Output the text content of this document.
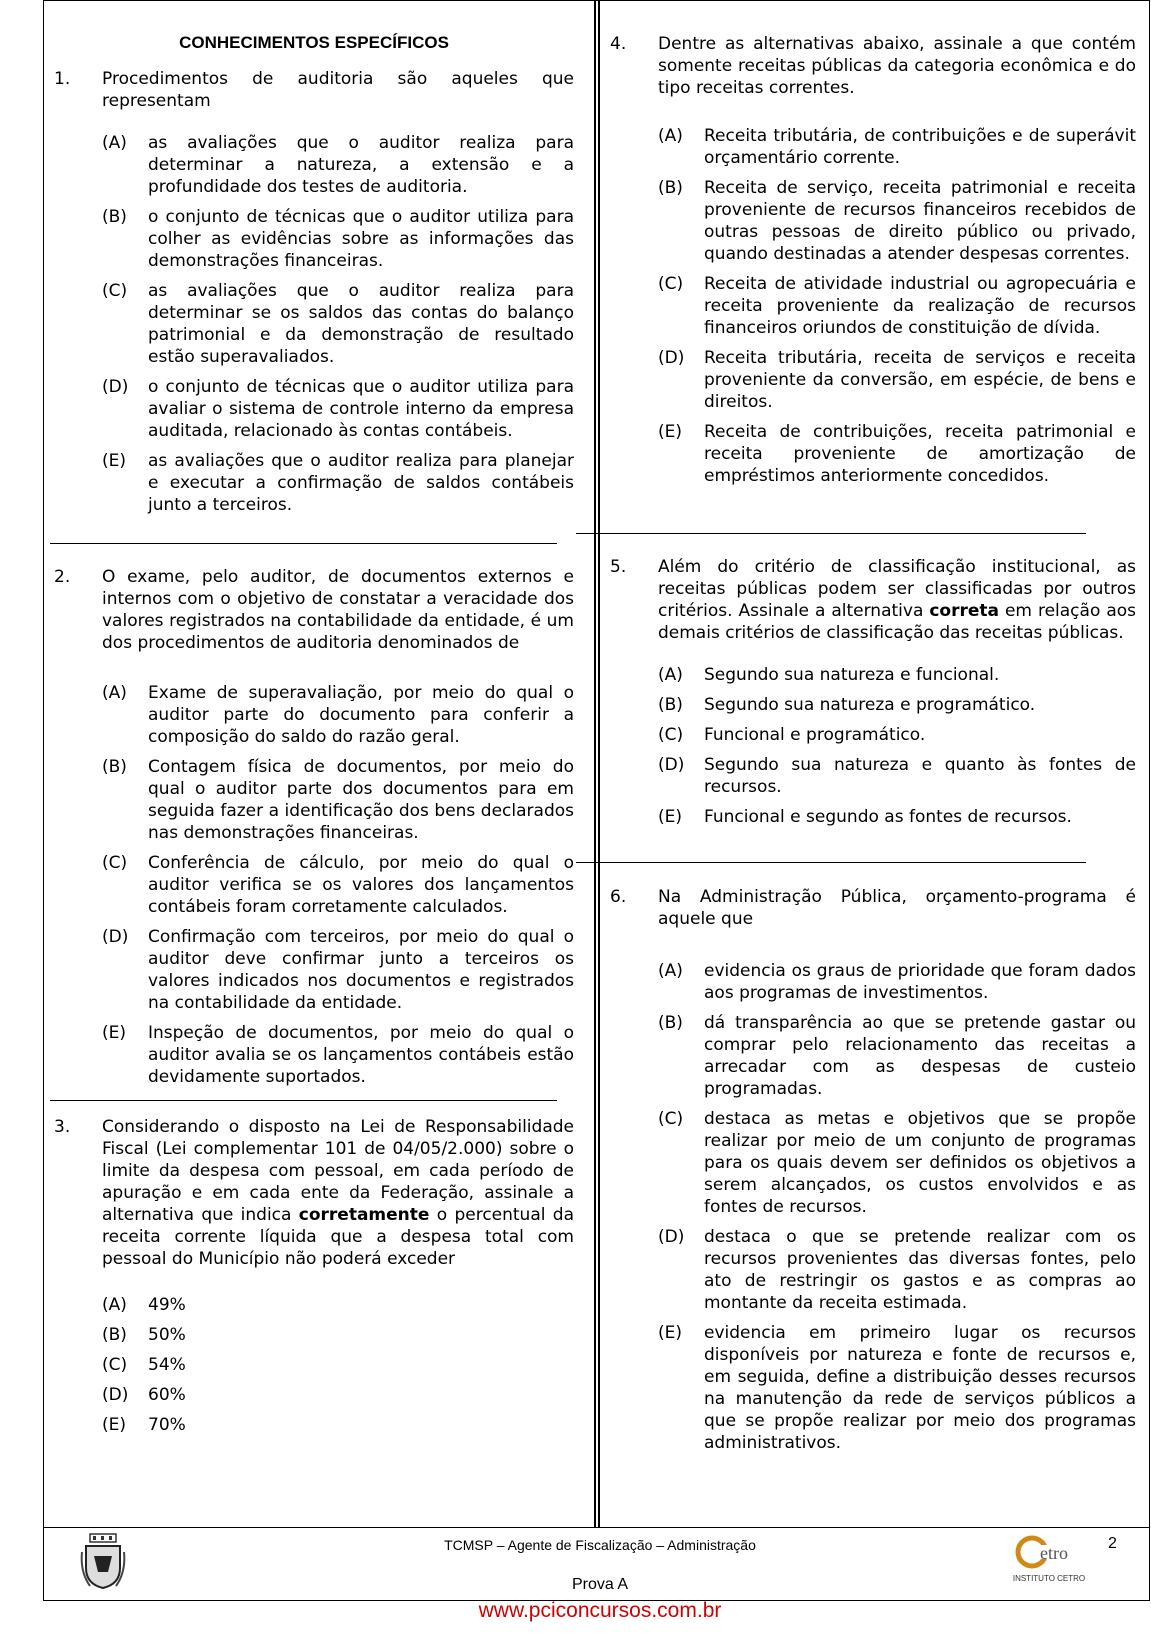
CONHECIMENTOS ESPECÍFICOS
1. Procedimentos de auditoria são aqueles que representam
(A) as avaliações que o auditor realiza para determinar a natureza, a extensão e a profundidade dos testes de auditoria.
(B) o conjunto de técnicas que o auditor utiliza para colher as evidências sobre as informações das demonstrações financeiras.
(C) as avaliações que o auditor realiza para determinar se os saldos das contas do balanço patrimonial e da demonstração de resultado estão superavaliados.
(D) o conjunto de técnicas que o auditor utiliza para avaliar o sistema de controle interno da empresa auditada, relacionado às contas contábeis.
(E) as avaliações que o auditor realiza para planejar e executar a confirmação de saldos contábeis junto a terceiros.
2. O exame, pelo auditor, de documentos externos e internos com o objetivo de constatar a veracidade dos valores registrados na contabilidade da entidade, é um dos procedimentos de auditoria denominados de
(A) Exame de superavaliação, por meio do qual o auditor parte do documento para conferir a composição do saldo do razão geral.
(B) Contagem física de documentos, por meio do qual o auditor parte dos documentos para em seguida fazer a identificação dos bens declarados nas demonstrações financeiras.
(C) Conferência de cálculo, por meio do qual o auditor verifica se os valores dos lançamentos contábeis foram corretamente calculados.
(D) Confirmação com terceiros, por meio do qual o auditor deve confirmar junto a terceiros os valores indicados nos documentos e registrados na contabilidade da entidade.
(E) Inspeção de documentos, por meio do qual o auditor avalia se os lançamentos contábeis estão devidamente suportados.
3. Considerando o disposto na Lei de Responsabilidade Fiscal (Lei complementar 101 de 04/05/2.000) sobre o limite da despesa com pessoal, em cada período de apuração e em cada ente da Federação, assinale a alternativa que indica corretamente o percentual da receita corrente líquida que a despesa total com pessoal do Município não poderá exceder
(A) 49%
(B) 50%
(C) 54%
(D) 60%
(E) 70%
4. Dentre as alternativas abaixo, assinale a que contém somente receitas públicas da categoria econômica e do tipo receitas correntes.
(A) Receita tributária, de contribuições e de superávit orçamentário corrente.
(B) Receita de serviço, receita patrimonial e receita proveniente de recursos financeiros recebidos de outras pessoas de direito público ou privado, quando destinadas a atender despesas correntes.
(C) Receita de atividade industrial ou agropecuária e receita proveniente da realização de recursos financeiros oriundos de constituição de dívida.
(D) Receita tributária, receita de serviços e receita proveniente da conversão, em espécie, de bens e direitos.
(E) Receita de contribuições, receita patrimonial e receita proveniente de amortização de empréstimos anteriormente concedidos.
5. Além do critério de classificação institucional, as receitas públicas podem ser classificadas por outros critérios. Assinale a alternativa correta em relação aos demais critérios de classificação das receitas públicas.
(A) Segundo sua natureza e funcional.
(B) Segundo sua natureza e programático.
(C) Funcional e programático.
(D) Segundo sua natureza e quanto às fontes de recursos.
(E) Funcional e segundo as fontes de recursos.
6. Na Administração Pública, orçamento-programa é aquele que
(A) evidencia os graus de prioridade que foram dados aos programas de investimentos.
(B) dá transparência ao que se pretende gastar ou comprar pelo relacionamento das receitas a arrecadar com as despesas de custeio programadas.
(C) destaca as metas e objetivos que se propõe realizar por meio de um conjunto de programas para os quais devem ser definidos os objetivos a serem alcançados, os custos envolvidos e as fontes de recursos.
(D) destaca o que se pretende realizar com os recursos provenientes das diversas fontes, pelo ato de restringir os gastos e as compras ao montante da receita estimada.
(E) evidencia em primeiro lugar os recursos disponíveis por natureza e fonte de recursos e, em seguida, define a distribuição desses recursos na manutenção da rede de serviços públicos a que se propõe realizar por meio dos programas administrativos.
TCMSP – Agente de Fiscalização – Administração
Prova A
2
etro
INSTITUTO CETRO
www.pciconcursos.com.br
